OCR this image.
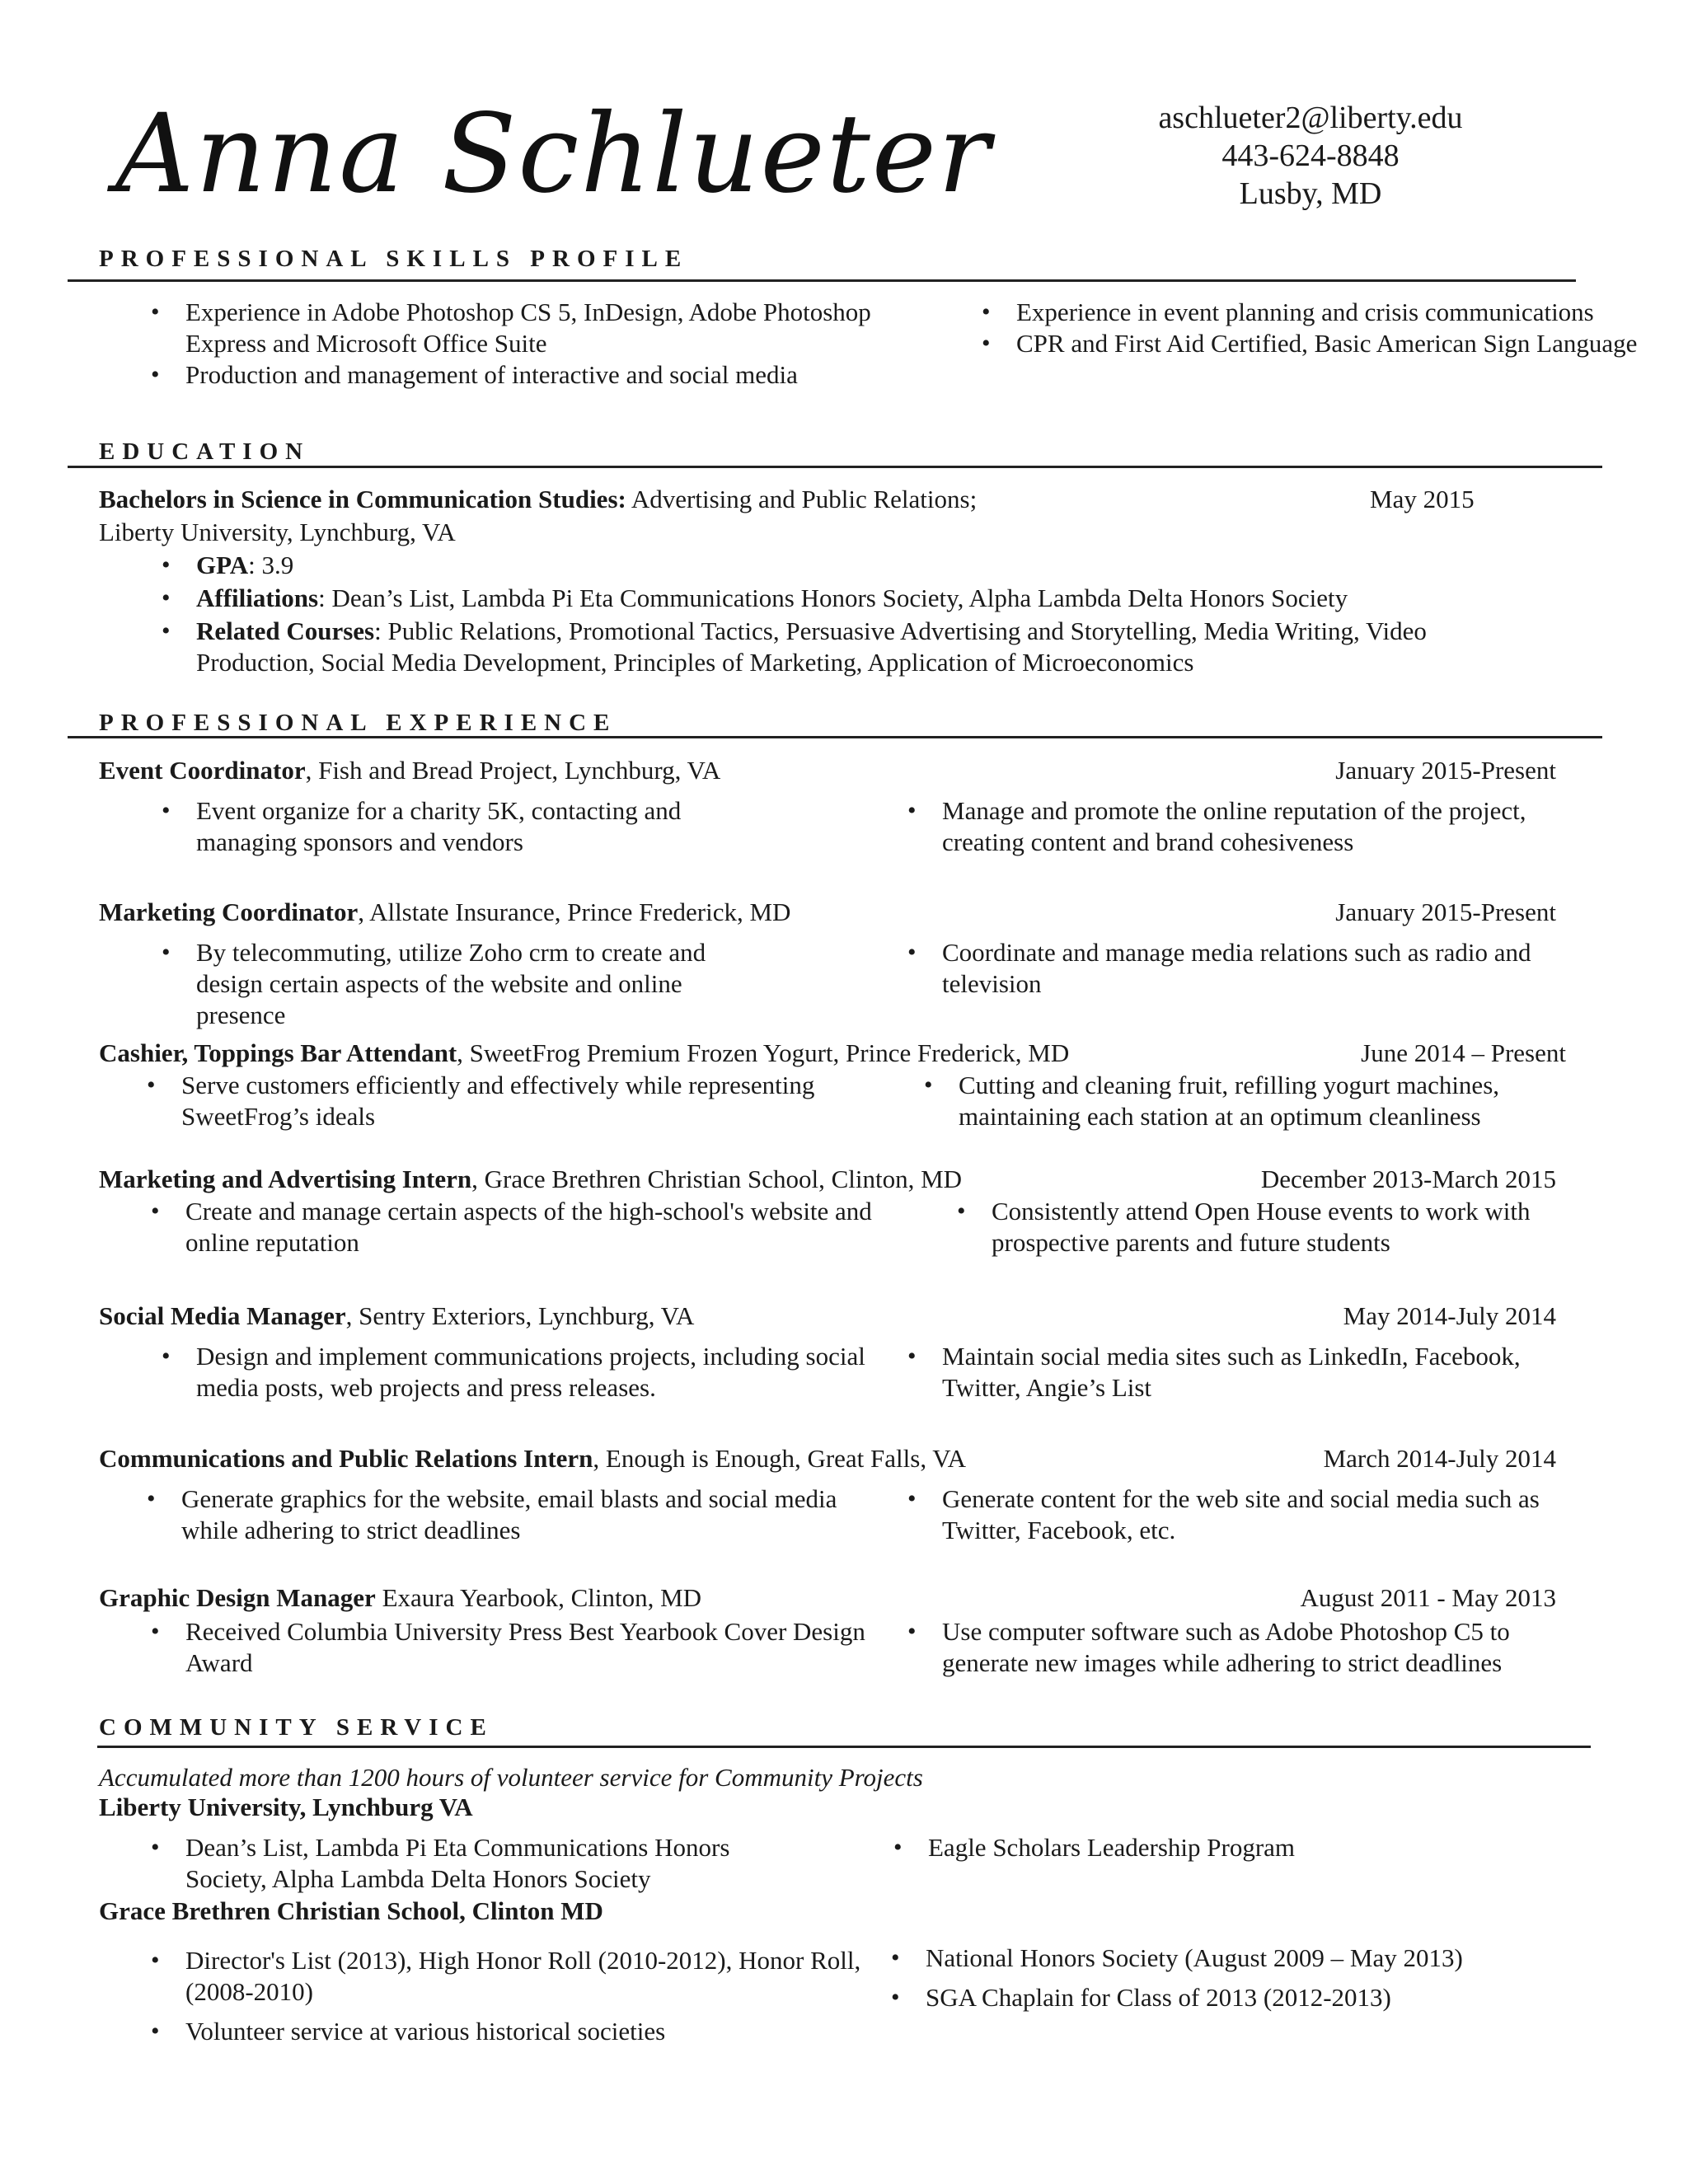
Anna Schlueter	aschlueter2@liberty.edu
443-624-8848
Lusby, MD
PROFESSIONAL SKILLS PROFILE
• Experience in Adobe Photoshop CS 5, InDesign, Adobe Photoshop Express and Microsoft Office Suite
• Production and management of interactive and social media
• Experience in event planning and crisis communications
• CPR and First Aid Certified, Basic American Sign Language
EDUCATION
Bachelors in Science in Communication Studies: Advertising and Public Relations;	May 2015
Liberty University, Lynchburg, VA
• GPA: 3.9
• Affiliations: Dean’s List, Lambda Pi Eta Communications Honors Society, Alpha Lambda Delta Honors Society
• Related Courses: Public Relations, Promotional Tactics, Persuasive Advertising and Storytelling, Media Writing, Video Production, Social Media Development, Principles of Marketing, Application of Microeconomics
PROFESSIONAL EXPERIENCE
Event Coordinator, Fish and Bread Project, Lynchburg, VA	January 2015-Present
• Event organize for a charity 5K, contacting and managing sponsors and vendors
• Manage and promote the online reputation of the project, creating content and brand cohesiveness
Marketing Coordinator, Allstate Insurance, Prince Frederick, MD	January 2015-Present
• By telecommuting, utilize Zoho crm to create and design certain aspects of the website and online presence
• Coordinate and manage media relations such as radio and television
Cashier, Toppings Bar Attendant, SweetFrog Premium Frozen Yogurt, Prince Frederick, MD	June 2014 – Present
• Serve customers efficiently and effectively while representing SweetFrog’s ideals
• Cutting and cleaning fruit, refilling yogurt machines, maintaining each station at an optimum cleanliness
Marketing and Advertising Intern, Grace Brethren Christian School, Clinton, MD	December 2013-March 2015
• Create and manage certain aspects of the high-school's website and online reputation
• Consistently attend Open House events to work with prospective parents and future students
Social Media Manager, Sentry Exteriors, Lynchburg, VA	May 2014-July 2014
• Design and implement communications projects, including social media posts, web projects and press releases.
• Maintain social media sites such as LinkedIn, Facebook, Twitter, Angie’s List
Communications and Public Relations Intern, Enough is Enough, Great Falls, VA	March 2014-July 2014
• Generate graphics for the website, email blasts and social media while adhering to strict deadlines
• Generate content for the web site and social media such as Twitter, Facebook, etc.
Graphic Design Manager Exaura Yearbook, Clinton, MD	August 2011 - May 2013
• Received Columbia University Press Best Yearbook Cover Design Award
• Use computer software such as Adobe Photoshop C5 to generate new images while adhering to strict deadlines
COMMUNITY SERVICE
Accumulated more than 1200 hours of volunteer service for Community Projects
Liberty University, Lynchburg VA
• Dean’s List, Lambda Pi Eta Communications Honors Society, Alpha Lambda Delta Honors Society
• Eagle Scholars Leadership Program
Grace Brethren Christian School, Clinton MD
• Director's List (2013), High Honor Roll (2010-2012), Honor Roll, (2008-2010)
• Volunteer service at various historical societies
• National Honors Society (August 2009 – May 2013)
• SGA Chaplain for Class of 2013 (2012-2013)
